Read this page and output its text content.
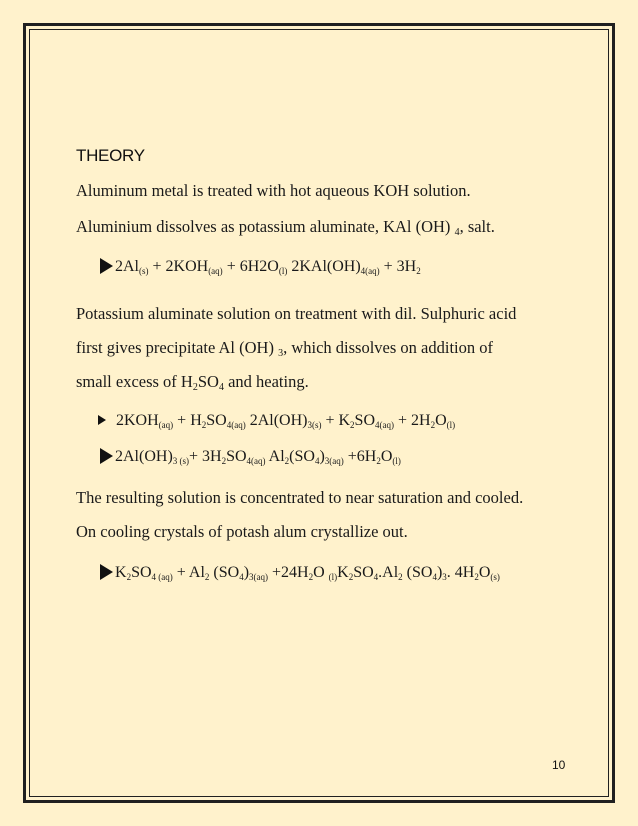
THEORY
Aluminum metal is treated with hot aqueous KOH solution.
Aluminium dissolves as potassium aluminate, KAl (OH) $_4$, salt.
$2Al_{(s)} + 2KOH_{(aq)} + 6H2O_{(l)}$ $2KAl(OH)_{4(aq)} + 3H_2$
Potassium aluminate solution on treatment with dil. Sulphuric acid
first gives precipitate Al (OH) $_3$, which dissolves on addition of
small excess of $H_2SO_4$ and heating.
$2KOH_{(aq)} + H_2SO_{4(aq)}$ $2Al(OH)_{3(s)} + K_2SO_{4(aq)} + 2H_2O_{(l)}$
$2Al(OH)_{3 (s)}+ 3H_2SO_{4(aq)}$ $Al_2(SO_4)_{3(aq)} +6H_2O_{(l)}$
The resulting solution is concentrated to near saturation and cooled.
On cooling crystals of potash alum crystallize out.
$K_2SO_{4 (aq)} + Al_2$ $(SO_4)_{3(aq)} +24H_2O$ $_{(l)}K_2SO_4.Al_2$ $(SO_4)_3$. $4H_2O_{(s)}$
10
